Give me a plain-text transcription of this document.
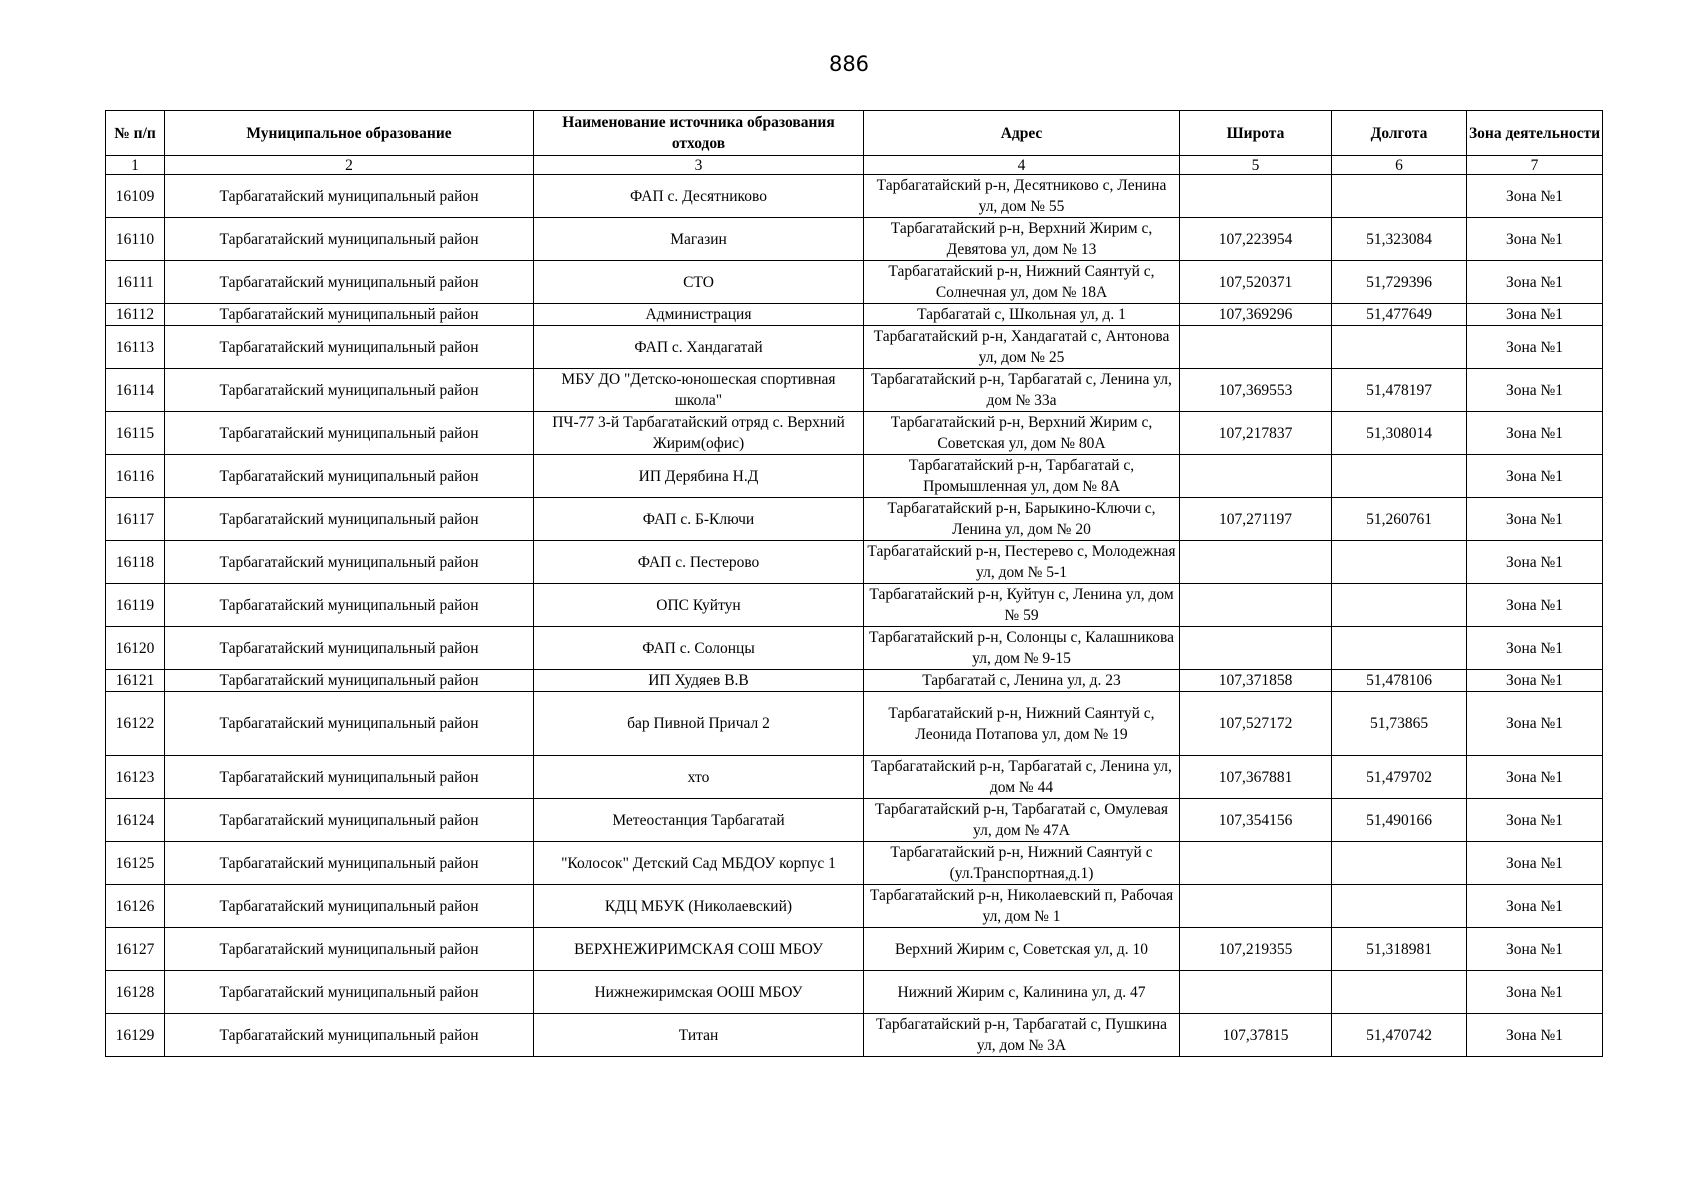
886
№ п/п	Муниципальное образование	Наименование источника образования отходов	Адрес	Широта	Долгота	Зона деятельности
1	2	3	4	5	6	7
16109	Тарбагатайский муниципальный район	ФАП с. Десятниково	Тарбагатайский р-н, Десятниково с, Ленина ул, дом № 55			Зона №1
16110	Тарбагатайский муниципальный район	Магазин	Тарбагатайский р-н, Верхний Жирим с, Девятова ул, дом № 13	107,223954	51,323084	Зона №1
16111	Тарбагатайский муниципальный район	СТО	Тарбагатайский р-н, Нижний Саянтуй с, Солнечная ул, дом № 18А	107,520371	51,729396	Зона №1
16112	Тарбагатайский муниципальный район	Администрация	Тарбагатай с, Школьная ул, д. 1	107,369296	51,477649	Зона №1
16113	Тарбагатайский муниципальный район	ФАП с. Хандагатай	Тарбагатайский р-н, Хандагатай с, Антонова ул, дом № 25			Зона №1
16114	Тарбагатайский муниципальный район	МБУ ДО "Детско-юношеская спортивная школа"	Тарбагатайский р-н, Тарбагатай с, Ленина ул, дом № 33а	107,369553	51,478197	Зона №1
16115	Тарбагатайский муниципальный район	ПЧ-77 3-й Тарбагатайский отряд с. Верхний Жирим(офис)	Тарбагатайский р-н, Верхний Жирим с, Советская ул, дом № 80А	107,217837	51,308014	Зона №1
16116	Тарбагатайский муниципальный район	ИП Дерябина Н.Д	Тарбагатайский р-н, Тарбагатай с, Промышленная ул, дом № 8А			Зона №1
16117	Тарбагатайский муниципальный район	ФАП с. Б-Ключи	Тарбагатайский р-н, Барыкино-Ключи с, Ленина ул, дом № 20	107,271197	51,260761	Зона №1
16118	Тарбагатайский муниципальный район	ФАП с. Пестерово	Тарбагатайский р-н, Пестерево с, Молодежная ул, дом № 5-1			Зона №1
16119	Тарбагатайский муниципальный район	ОПС Куйтун	Тарбагатайский р-н, Куйтун с, Ленина ул, дом № 59			Зона №1
16120	Тарбагатайский муниципальный район	ФАП с. Солонцы	Тарбагатайский р-н, Солонцы с, Калашникова ул, дом № 9-15			Зона №1
16121	Тарбагатайский муниципальный район	ИП Худяев В.В	Тарбагатай с, Ленина ул, д. 23	107,371858	51,478106	Зона №1
16122	Тарбагатайский муниципальный район	бар Пивной Причал 2	Тарбагатайский р-н, Нижний Саянтуй с, Леонида Потапова ул, дом № 19	107,527172	51,73865	Зона №1
16123	Тарбагатайский муниципальный район	хто	Тарбагатайский р-н, Тарбагатай с, Ленина ул, дом № 44	107,367881	51,479702	Зона №1
16124	Тарбагатайский муниципальный район	Метеостанция Тарбагатай	Тарбагатайский р-н, Тарбагатай с, Омулевая ул, дом № 47А	107,354156	51,490166	Зона №1
16125	Тарбагатайский муниципальный район	"Колосок" Детский Сад МБДОУ корпус 1	Тарбагатайский р-н, Нижний Саянтуй с (ул.Транспортная,д.1)			Зона №1
16126	Тарбагатайский муниципальный район	КДЦ МБУК (Николаевский)	Тарбагатайский р-н, Николаевский п, Рабочая ул, дом № 1			Зона №1
16127	Тарбагатайский муниципальный район	ВЕРХНЕЖИРИМСКАЯ СОШ МБОУ	Верхний Жирим с, Советская ул, д. 10	107,219355	51,318981	Зона №1
16128	Тарбагатайский муниципальный район	Нижнежиримская ООШ МБОУ	Нижний Жирим с, Калинина ул, д. 47			Зона №1
16129	Тарбагатайский муниципальный район	Титан	Тарбагатайский р-н, Тарбагатай с, Пушкина ул, дом № 3А	107,37815	51,470742	Зона №1
